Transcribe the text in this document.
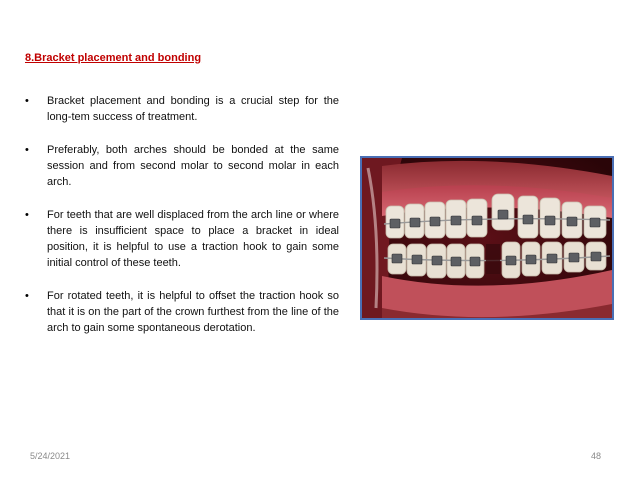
8.Bracket placement and bonding
•	Bracket placement and bonding is a crucial step for the long-tem success of treatment.
•	Preferably, both arches should be bonded at the same session and from second molar to second molar in each arch.
•	For teeth that are well displaced from the arch line or where there is insufficient space to place a bracket in ideal position, it is helpful to use a traction hook to gain some initial control of these teeth.
•	For rotated teeth, it is helpful to offset the traction hook so that it is on the part of the crown furthest from the line of the arch to gain some spontaneous derotation.
5/24/2021	48
